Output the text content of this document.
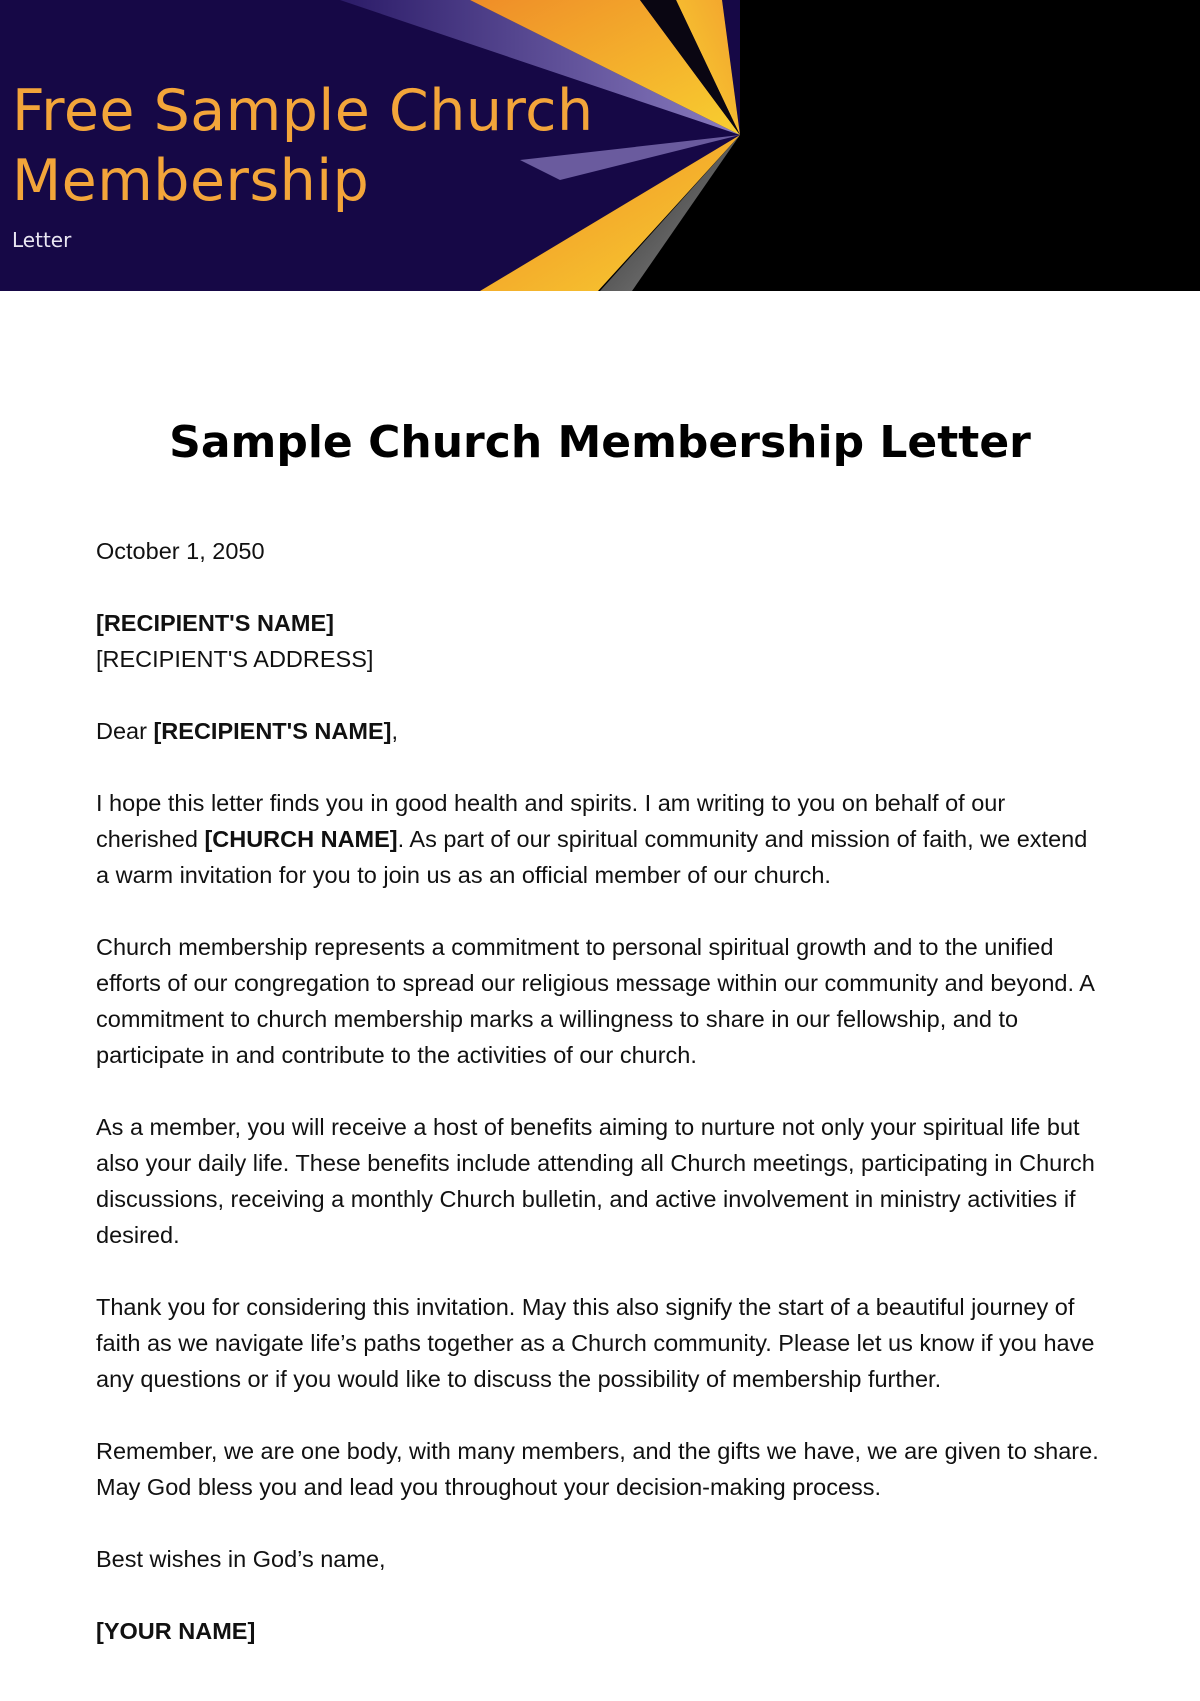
Free Sample Church
Membership
Letter
Sample Church Membership Letter

October 1, 2050

[RECIPIENT'S NAME]
[RECIPIENT'S ADDRESS]

Dear [RECIPIENT'S NAME],

I hope this letter finds you in good health and spirits. I am writing to you on behalf of our cherished [CHURCH NAME]. As part of our spiritual community and mission of faith, we extend a warm invitation for you to join us as an official member of our church.

Church membership represents a commitment to personal spiritual growth and to the unified efforts of our congregation to spread our religious message within our community and beyond. A commitment to church membership marks a willingness to share in our fellowship, and to participate in and contribute to the activities of our church.

As a member, you will receive a host of benefits aiming to nurture not only your spiritual life but also your daily life. These benefits include attending all Church meetings, participating in Church discussions, receiving a monthly Church bulletin, and active involvement in ministry activities if desired.

Thank you for considering this invitation. May this also signify the start of a beautiful journey of faith as we navigate life’s paths together as a Church community. Please let us know if you have any questions or if you would like to discuss the possibility of membership further.

Remember, we are one body, with many members, and the gifts we have, we are given to share. May God bless you and lead you throughout your decision-making process.

Best wishes in God’s name,

[YOUR NAME]
